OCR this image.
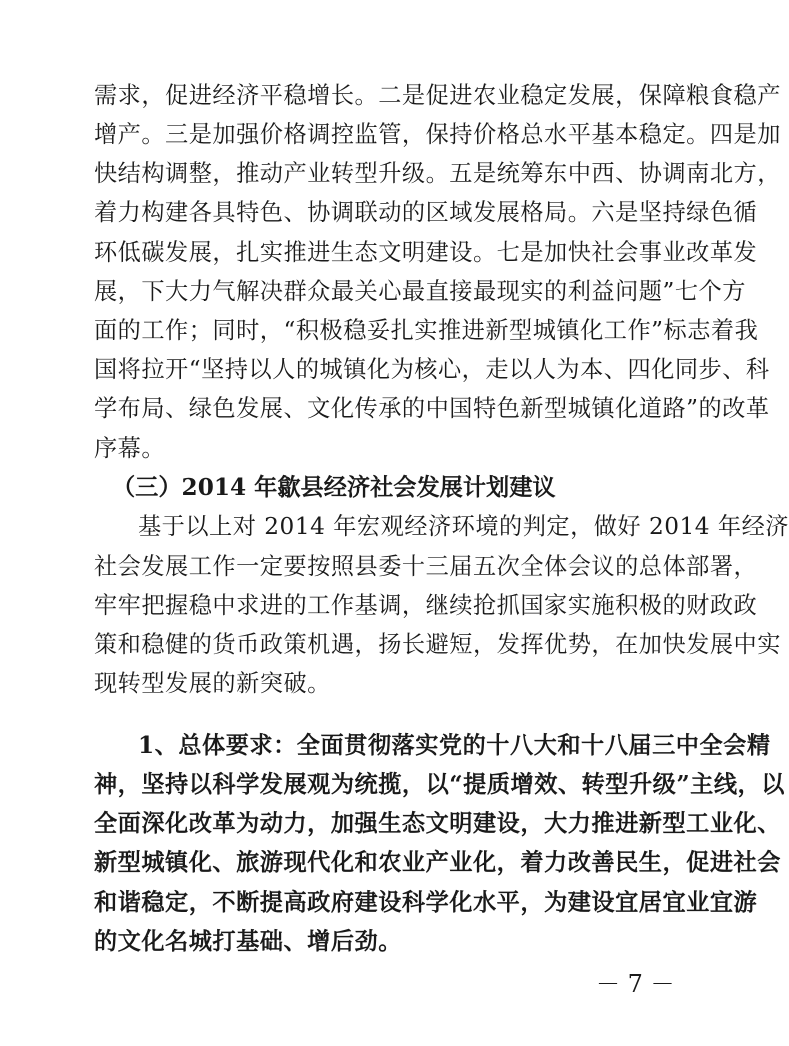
需求，促进经济平稳增长。二是促进农业稳定发展，保障粮食稳产
增产。三是加强价格调控监管，保持价格总水平基本稳定。四是加
快结构调整，推动产业转型升级。五是统筹东中西、协调南北方，
着力构建各具特色、协调联动的区域发展格局。六是坚持绿色循
环低碳发展，扎实推进生态文明建设。七是加快社会事业改革发
展，下大力气解决群众最关心最直接最现实的利益问题”七个方
面的工作；同时，“积极稳妥扎实推进新型城镇化工作”标志着我
国将拉开“坚持以人的城镇化为核心，走以人为本、四化同步、科
学布局、绿色发展、文化传承的中国特色新型城镇化道路”的改革
序幕。
（三）2014 年歙县经济社会发展计划建议
基于以上对 2014 年宏观经济环境的判定，做好 2014 年经济
社会发展工作一定要按照县委十三届五次全体会议的总体部署，
牢牢把握稳中求进的工作基调，继续抢抓国家实施积极的财政政
策和稳健的货币政策机遇，扬长避短，发挥优势，在加快发展中实
现转型发展的新突破。
1、总体要求：全面贯彻落实党的十八大和十八届三中全会精
神，坚持以科学发展观为统揽，以“提质增效、转型升级”主线，以
全面深化改革为动力，加强生态文明建设，大力推进新型工业化、
新型城镇化、旅游现代化和农业产业化，着力改善民生，促进社会
和谐稳定，不断提高政府建设科学化水平，为建设宜居宜业宜游
的文化名城打基础、增后劲。
－ 7 －
